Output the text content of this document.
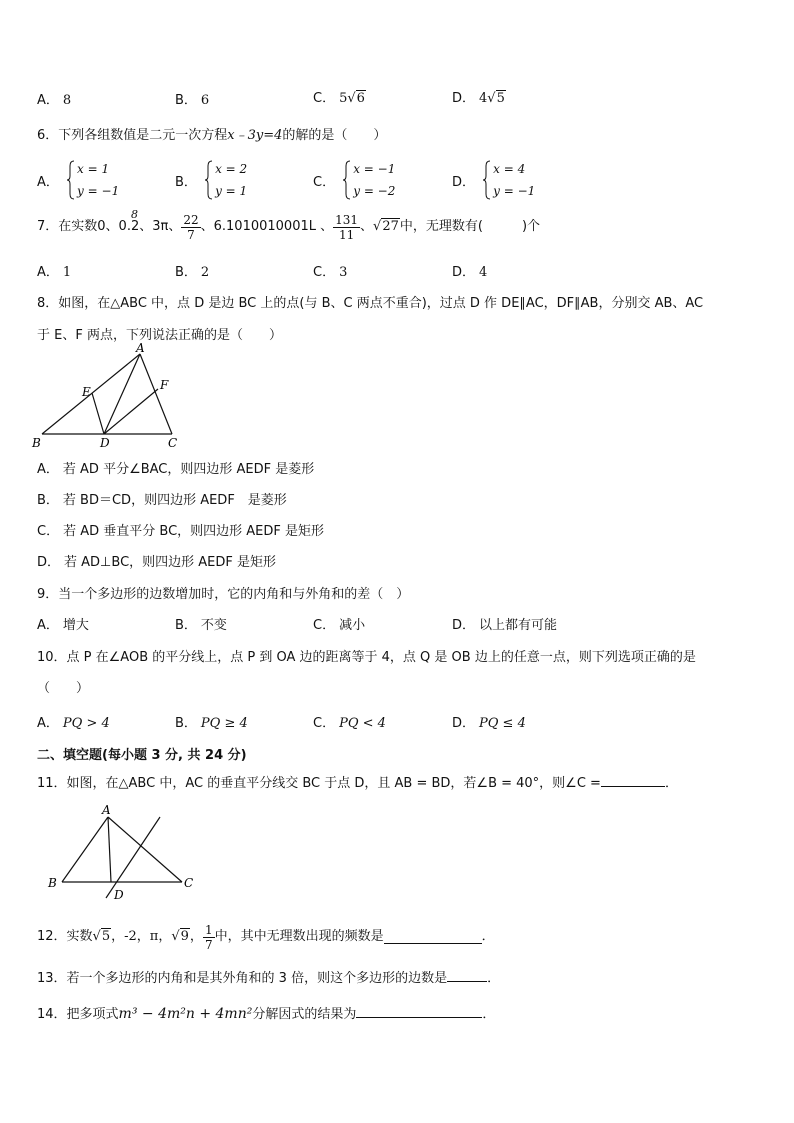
A． 8	B． 6	C． 5√6	D． 4√5
6．下列各组数值是二元一次方程x﹣3y=4的解的是（　　）
A．
x = 1
y = −1
B．
x = 2
y = 1
C．
x = −1
y = −2
D．
x = 4
y = −1
7．在实数0、0.
8
2、3π、 $\frac{22}{7}$ 、6.1010010001L 、 $\frac{131}{11}$ 、√27中，无理数有(　　　)个
A． 1	B． 2	C． 3	D． 4
8．如图，在△ABC 中，点 D 是边 BC 上的点(与 B、C 两点不重合)，过点 D 作 DE∥AC，DF∥AB，分别交 AB、AC
于 E、F 两点，下列说法正确的是（　　）
A
B	C
D
E	F
A． 若 AD 平分∠BAC，则四边形 AEDF 是菱形
B． 若 BD＝CD，则四边形 AEDF　是菱形
C． 若 AD 垂直平分 BC，则四边形 AEDF 是矩形
D． 若 AD⊥BC，则四边形 AEDF 是矩形
9．当一个多边形的边数增加时，它的内角和与外角和的差（　）
A． 增大	B． 不变	C． 减小	D． 以上都有可能
10．点 P 在∠AOB 的平分线上，点 P 到 OA 边的距离等于 4，点 Q 是 OB 边上的任意一点，则下列选项正确的是
（　　）
A． PQ > 4	B． PQ ≥ 4	C． PQ < 4	D． PQ ≤ 4
二、填空题(每小题 3 分, 共 24 分)
11．如图，在△ABC 中，AC 的垂直平分线交 BC 于点 D，且 AB = BD，若∠B = 40°，则∠C =	．
A
B	C
D
12．实数√5，-2，π，√9， $\frac{1}{7}$ 中，其中无理数出现的频数是	．
13．若一个多边形的内角和是其外角和的 3 倍，则这个多边形的边数是	．
14．把多项式m³ − 4m²n + 4mn²分解因式的结果为	．
